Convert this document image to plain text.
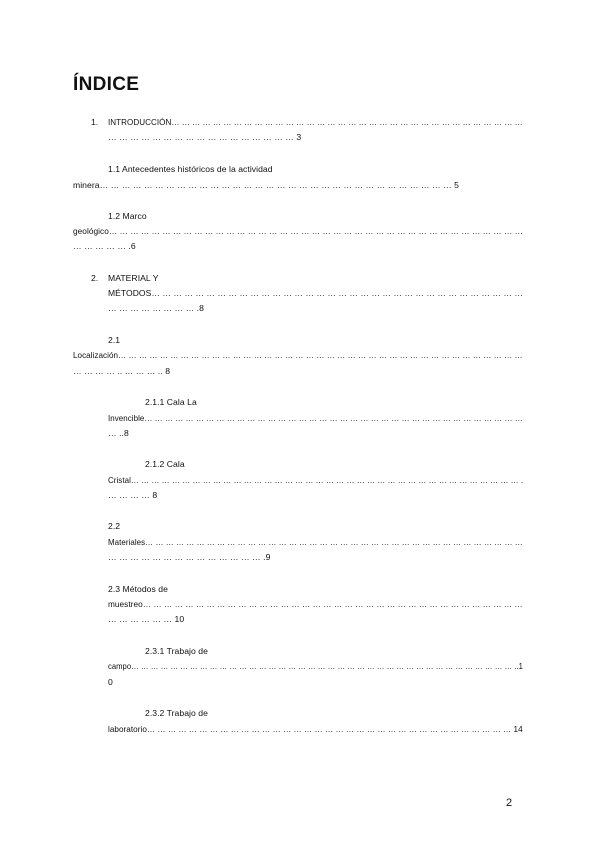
ÍNDICE
1. INTRODUCCIÓN… … … … … … … … … … … … … … … … … … … … … … … … … … … … … … … … … …
… … … … … … … … … … … … … … … … … 3
1.1 Antecedentes históricos de la actividad
minera… … … … … … … … … … … … … … … … … … … … … … … … … … … … … … … … 5
1.2 Marco
geológico… … … … … … … … … … … … … … … … … … … … … … … … … … … … … … … … … … … … … … …
… … … … … .6
2. MATERIAL Y
MÉTODOS… … … … … … … … … … … … … … … … … … … … … … … … … … … … … … … … … …
… … … … … … … … .8
2.1
Localización… … … … … … … … … … … … … … … … … … … … … … … … … … … … … … … … … … … … … … …
… … … … .. … … … .. 8
2.1.1 Cala La
Invencible… … … … … … … … … … … … … … … … … … … … … … … … … … … … … … … … … … … … …
… ..8
2.1.2 Cala
Cristal… … … … … … … … … … … … … … … … … … … … … … … … … … … … … … … … … … … … … … .
… … … … 8
2.2
Materiales… … … … … … … … … … … … … … … … … … … … … … … … … … … … … … … … … … … … …
… … … … … … … … … … … … … … .9
2.3 Métodos de
muestreo… … … … … … … … … … … … … … … … … … … … … … … … … … … … … … … … … … … …
… … … … … … 10
2.3.1 Trabajo de
campo… … … … … … … … … … … … … … … … … … … … … … … … … … … … … … … … … … … … … … … ..1
0
2.3.2 Trabajo de
laboratorio… … … … … … … … … … … … … … … … … … … … … … … … … … … … … … … … … … … 14
2
